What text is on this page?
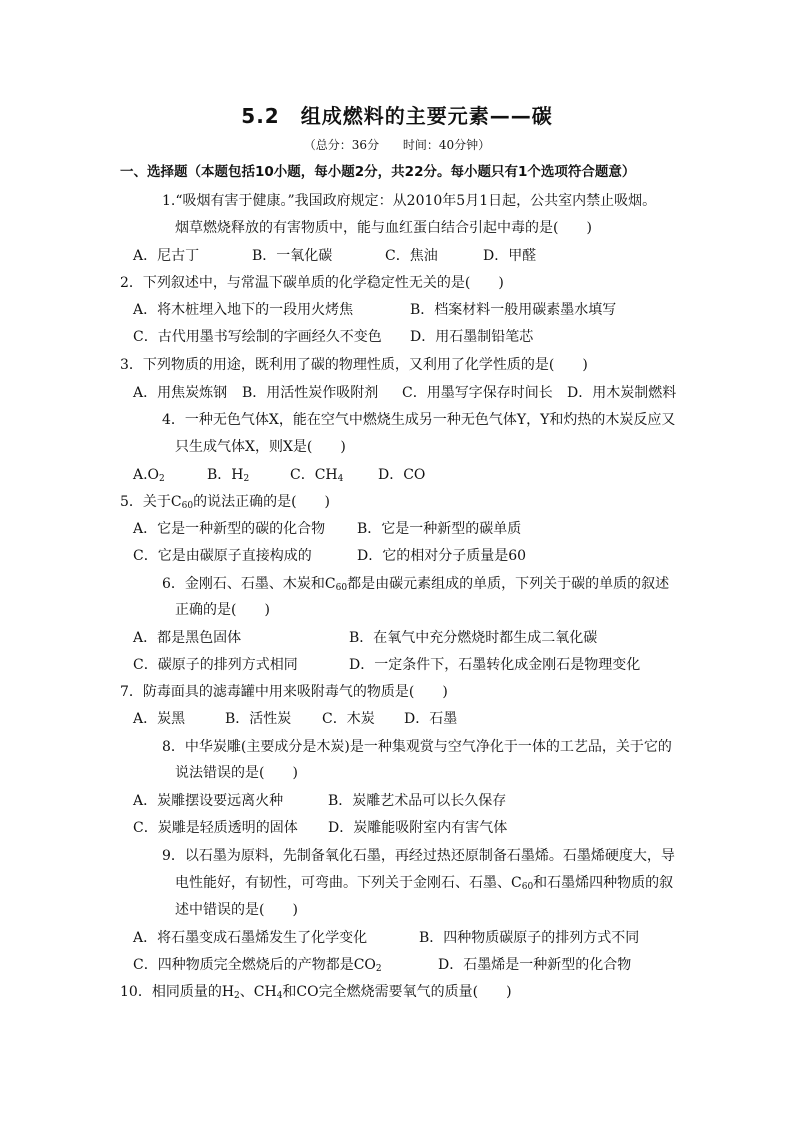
5.2　组成燃料的主要元素——碳
（总分：36分 时间：40分钟）
一、选择题（本题包括10小题，每小题2分，共22分。每小题只有1个选项符合题意）
1.“吸烟有害于健康。”我国政府规定：从2010年5月1日起，公共室内禁止吸烟。
烟草燃烧释放的有害物质中，能与血红蛋白结合引起中毒的是(　　)
A．尼古丁	B．一氧化碳	C．焦油	D．甲醛
2．下列叙述中，与常温下碳单质的化学稳定性无关的是(　　)
A．将木桩埋入地下的一段用火烤焦	B．档案材料一般用碳素墨水填写
C．古代用墨书写绘制的字画经久不变色 D．用石墨制铅笔芯
3．下列物质的用途，既利用了碳的物理性质，又利用了化学性质的是(　　)
A．用焦炭炼钢 B．用活性炭作吸附剂 C．用墨写字保存时间长 D．用木炭制燃料
4．一种无色气体X，能在空气中燃烧生成另一种无色气体Y，Y和灼热的木炭反应又
只生成气体X，则X是(　　)
$A.O_2$	B．$H_2$	C．$CH_4$ D．CO
5．关于$C_{60}$的说法正确的是(　　)
A．它是一种新型的碳的化合物 B．它是一种新型的碳单质
C．它是由碳原子直接构成的	D．它的相对分子质量是60
6．金刚石、石墨、木炭和$C_{60}$都是由碳元素组成的单质，下列关于碳的单质的叙述
正确的是(　　)
A．都是黑色固体	B．在氧气中充分燃烧时都生成二氧化碳
C．碳原子的排列方式相同	D．一定条件下，石墨转化成金刚石是物理变化
7．防毒面具的滤毒罐中用来吸附毒气的物质是(　　)
A．炭黑	B．活性炭 C．木炭 D．石墨
8．中华炭雕(主要成分是木炭)是一种集观赏与空气净化于一体的工艺品，关于它的
说法错误的是(　　)
A．炭雕摆设要远离火种	B．炭雕艺术品可以长久保存
C．炭雕是轻质透明的固体 D．炭雕能吸附室内有害气体
9．以石墨为原料，先制备氧化石墨，再经过热还原制备石墨烯。石墨烯硬度大，导
电性能好，有韧性，可弯曲。下列关于金刚石、石墨、$C_{60}$和石墨烯四种物质的叙
述中错误的是(　　)
A．将石墨变成石墨烯发生了化学变化	B．四种物质碳原子的排列方式不同
C．四种物质完全燃烧后的产物都是$CO_2$	D．石墨烯是一种新型的化合物
10．相同质量的$H_2$、$CH_4$和CO完全燃烧需要氧气的质量(　　)
